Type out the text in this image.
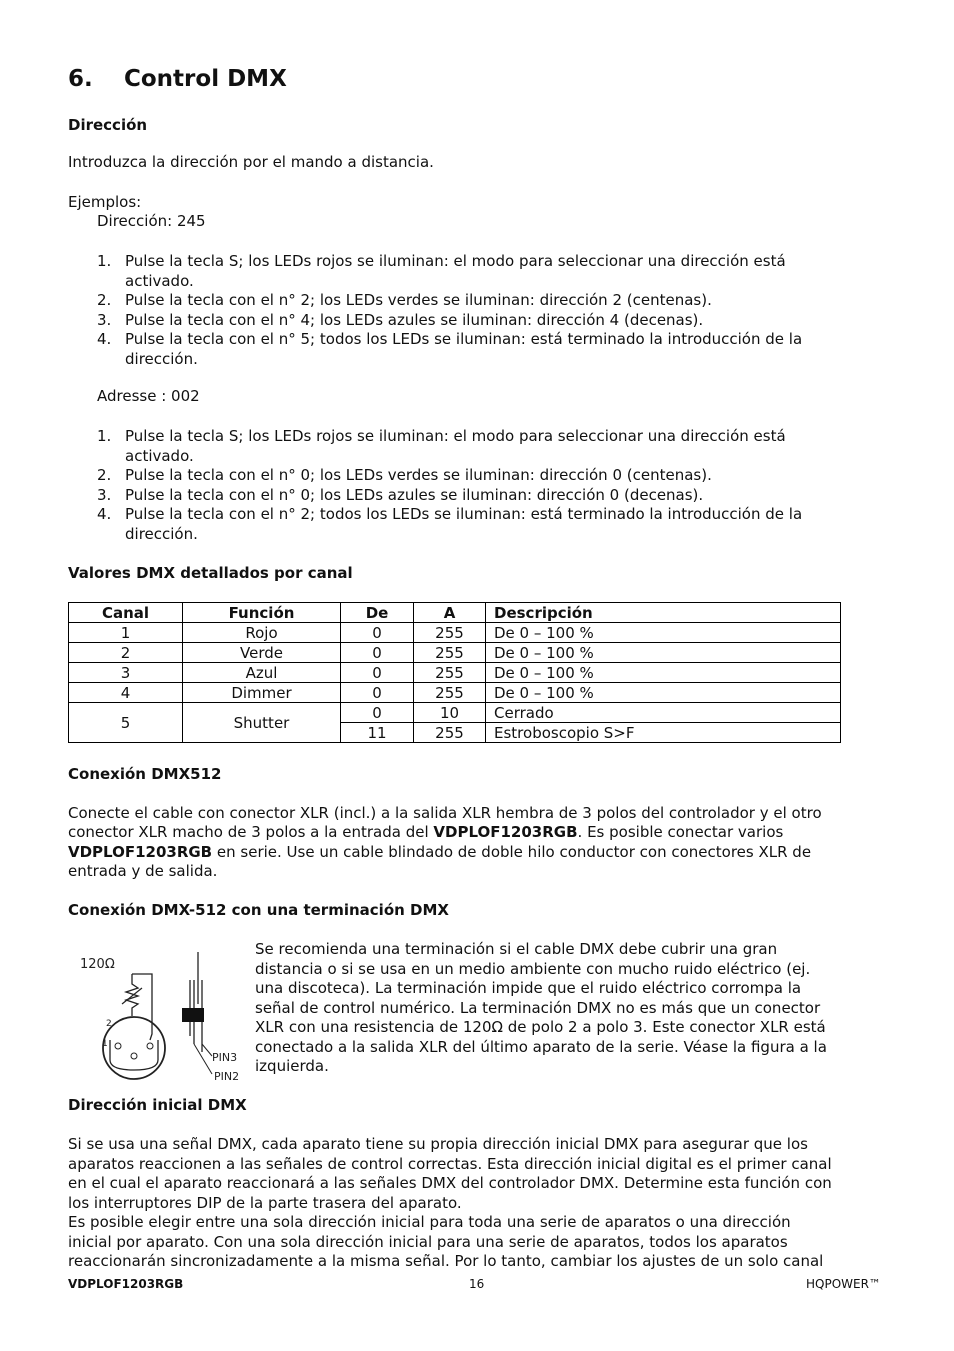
6. Control DMX
Dirección
Introduzca la dirección por el mando a distancia.
Ejemplos:
Dirección: 245
1. Pulse la tecla S; los LEDs rojos se iluminan: el modo para seleccionar una dirección está
activado.
2. Pulse la tecla con el n° 2; los LEDs verdes se iluminan: dirección 2 (centenas).
3. Pulse la tecla con el n° 4; los LEDs azules se iluminan: dirección 4 (decenas).
4. Pulse la tecla con el n° 5; todos los LEDs se iluminan: está terminado la introducción de la
dirección.
Adresse : 002
1. Pulse la tecla S; los LEDs rojos se iluminan: el modo para seleccionar una dirección está
activado.
2. Pulse la tecla con el n° 0; los LEDs verdes se iluminan: dirección 0 (centenas).
3. Pulse la tecla con el n° 0; los LEDs azules se iluminan: dirección 0 (decenas).
4. Pulse la tecla con el n° 2; todos los LEDs se iluminan: está terminado la introducción de la
dirección.
Valores DMX detallados por canal
Canal	Función	De	A	Descripción
1	Rojo	0	255	De 0 – 100 %
2	Verde	0	255	De 0 – 100 %
3	Azul	0	255	De 0 – 100 %
4	Dimmer	0	255	De 0 – 100 %
5	Shutter	0	10	Cerrado
		11	255	Estroboscopio S>F
Conexión DMX512
Conecte el cable con conector XLR (incl.) a la salida XLR hembra de 3 polos del controlador y el otro
conector XLR macho de 3 polos a la entrada del VDPLOF1203RGB. Es posible conectar varios
VDPLOF1203RGB en serie. Use un cable blindado de doble hilo conductor con conectores XLR de
entrada y de salida.
Conexión DMX-512 con una terminación DMX
120Ω
2
1
PIN3
PIN2
Se recomienda una terminación si el cable DMX debe cubrir una gran
distancia o si se usa en un medio ambiente con mucho ruido eléctrico (ej.
una discoteca). La terminación impide que el ruido eléctrico corrompa la
señal de control numérico. La terminación DMX no es más que un conector
XLR con una resistencia de 120Ω de polo 2 a polo 3. Este conector XLR está
conectado a la salida XLR del último aparato de la serie. Véase la figura a la
izquierda.
Dirección inicial DMX
Si se usa una señal DMX, cada aparato tiene su propia dirección inicial DMX para asegurar que los
aparatos reaccionen a las señales de control correctas. Esta dirección inicial digital es el primer canal
en el cual el aparato reaccionará a las señales DMX del controlador DMX. Determine esta función con
los interruptores DIP de la parte trasera del aparato.
Es posible elegir entre una sola dirección inicial para toda una serie de aparatos o una dirección
inicial por aparato. Con una sola dirección inicial para una serie de aparatos, todos los aparatos
reaccionarán sincronizadamente a la misma señal. Por lo tanto, cambiar los ajustes de un solo canal
VDPLOF1203RGB	16	HQPOWER™
